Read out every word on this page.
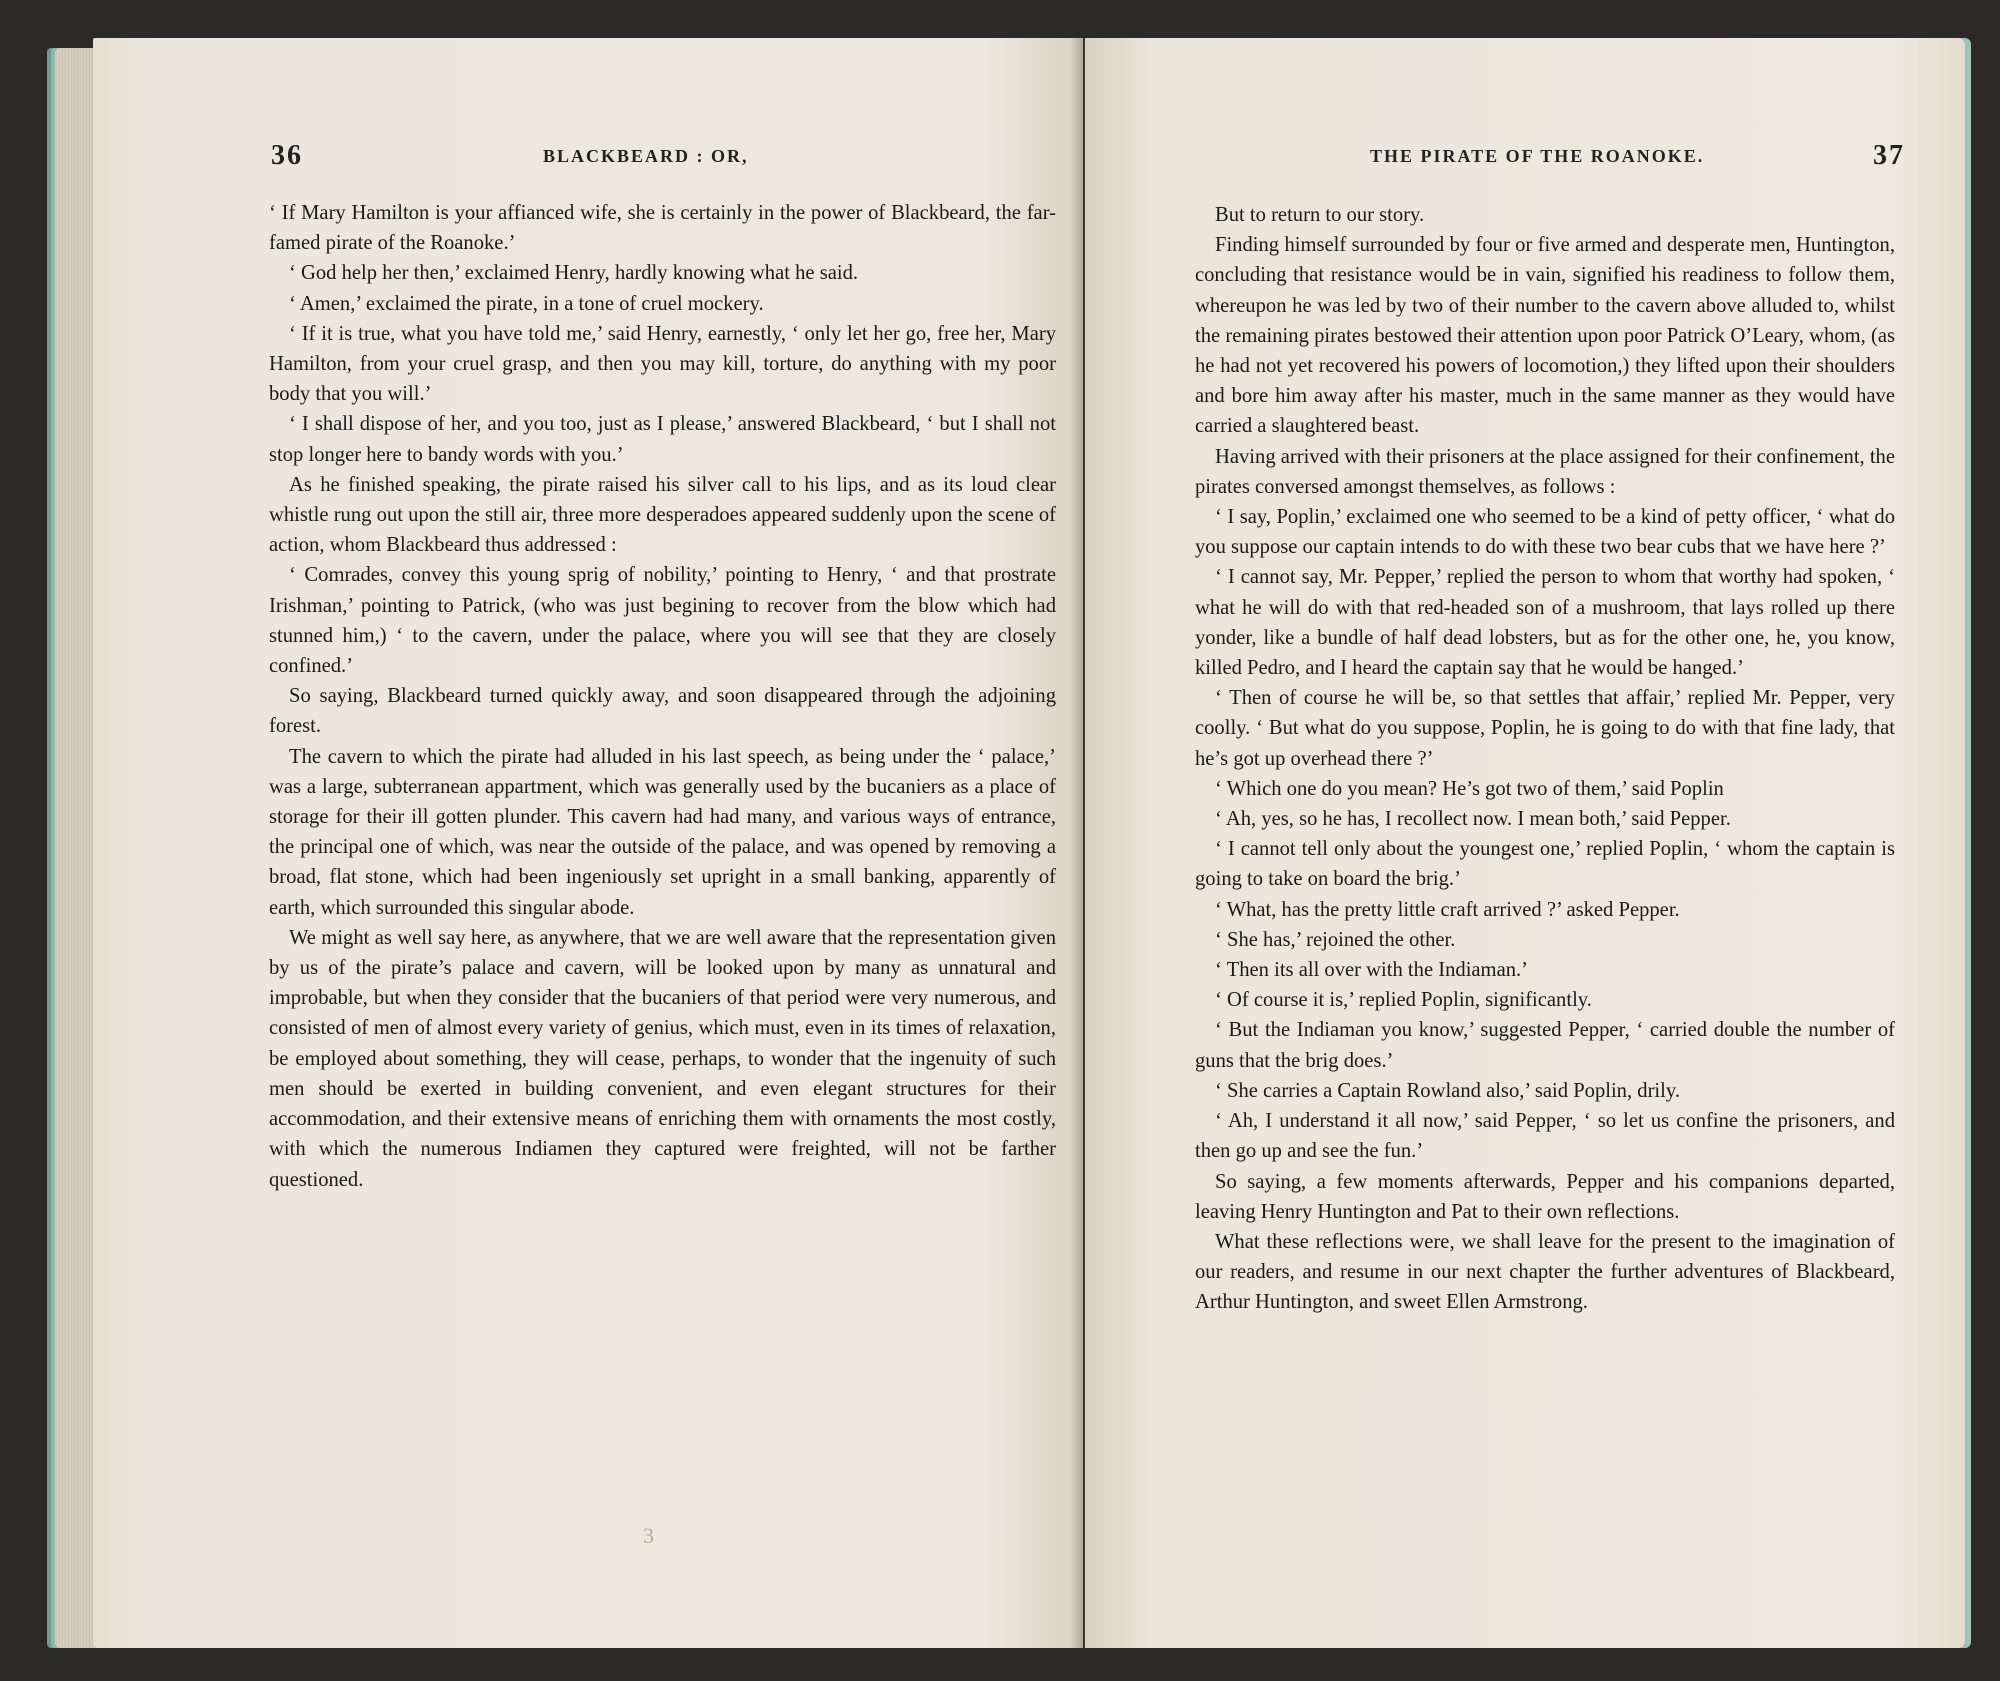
36	BLACKBEARD : OR,

‘ If Mary Hamilton is your affianced wife, she is certainly in the power of Blackbeard, the far-famed pirate of the Roanoke.’

‘ God help her then,’ exclaimed Henry, hardly knowing what he said.

‘ Amen,’ exclaimed the pirate, in a tone of cruel mockery.

‘ If it is true, what you have told me,’ said Henry, earnestly, ‘ only let her go, free her, Mary Hamilton, from your cruel grasp, and then you may kill, torture, do anything with my poor body that you will.’

‘ I shall dispose of her, and you too, just as I please,’ answered Blackbeard, ‘ but I shall not stop longer here to bandy words with you.’

As he finished speaking, the pirate raised his silver call to his lips, and as its loud clear whistle rung out upon the still air, three more desperadoes appeared suddenly upon the scene of action, whom Blackbeard thus addressed :

‘ Comrades, convey this young sprig of nobility,’ pointing to Henry, ‘ and that prostrate Irishman,’ pointing to Patrick, (who was just begining to recover from the blow which had stunned him,) ‘ to the cavern, under the palace, where you will see that they are closely confined.’

So saying, Blackbeard turned quickly away, and soon disappeared through the adjoining forest.

The cavern to which the pirate had alluded in his last speech, as being under the ‘ palace,’ was a large, subterranean appartment, which was generally used by the bucaniers as a place of storage for their ill gotten plunder. This cavern had had many, and various ways of entrance, the principal one of which, was near the outside of the palace, and was opened by removing a broad, flat stone, which had been ingeniously set upright in a small banking, apparently of earth, which surrounded this singular abode.

We might as well say here, as anywhere, that we are well aware that the representation given by us of the pirate’s palace and cavern, will be looked upon by many as unnatural and improbable, but when they consider that the bucaniers of that period were very numerous, and consisted of men of almost every variety of genius, which must, even in its times of relaxation, be employed about something, they will cease, perhaps, to wonder that the ingenuity of such men should be exerted in building convenient, and even elegant structures for their accommodation, and their extensive means of enriching them with ornaments the most costly, with which the numerous Indiamen they captured were freighted, will not be farther questioned.

3
THE PIRATE OF THE ROANOKE.	37

But to return to our story.

Finding himself surrounded by four or five armed and desperate men, Huntington, concluding that resistance would be in vain, signified his readiness to follow them, whereupon he was led by two of their number to the cavern above alluded to, whilst the remaining pirates bestowed their attention upon poor Patrick O’Leary, whom, (as he had not yet recovered his powers of locomotion,) they lifted upon their shoulders and bore him away after his master, much in the same manner as they would have carried a slaughtered beast.

Having arrived with their prisoners at the place assigned for their confinement, the pirates conversed amongst themselves, as follows :

‘ I say, Poplin,’ exclaimed one who seemed to be a kind of petty officer, ‘ what do you suppose our captain intends to do with these two bear cubs that we have here ?’

‘ I cannot say, Mr. Pepper,’ replied the person to whom that worthy had spoken, ‘ what he will do with that red-headed son of a mushroom, that lays rolled up there yonder, like a bundle of half dead lobsters, but as for the other one, he, you know, killed Pedro, and I heard the captain say that he would be hanged.’

‘ Then of course he will be, so that settles that affair,’ replied Mr. Pepper, very coolly. ‘ But what do you suppose, Poplin, he is going to do with that fine lady, that he’s got up overhead there ?’

‘ Which one do you mean? He’s got two of them,’ said Poplin

‘ Ah, yes, so he has, I recollect now. I mean both,’ said Pepper.

‘ I cannot tell only about the youngest one,’ replied Poplin, ‘ whom the captain is going to take on board the brig.’

‘ What, has the pretty little craft arrived ?’ asked Pepper.

‘ She has,’ rejoined the other.

‘ Then its all over with the Indiaman.’

‘ Of course it is,’ replied Poplin, significantly.

‘ But the Indiaman you know,’ suggested Pepper, ‘ carried double the number of guns that the brig does.’

‘ She carries a Captain Rowland also,’ said Poplin, drily.

‘ Ah, I understand it all now,’ said Pepper, ‘ so let us confine the prisoners, and then go up and see the fun.’

So saying, a few moments afterwards, Pepper and his companions departed, leaving Henry Huntington and Pat to their own reflections.

What these reflections were, we shall leave for the present to the imagination of our readers, and resume in our next chapter the further adventures of Blackbeard, Arthur Huntington, and sweet Ellen Armstrong.
